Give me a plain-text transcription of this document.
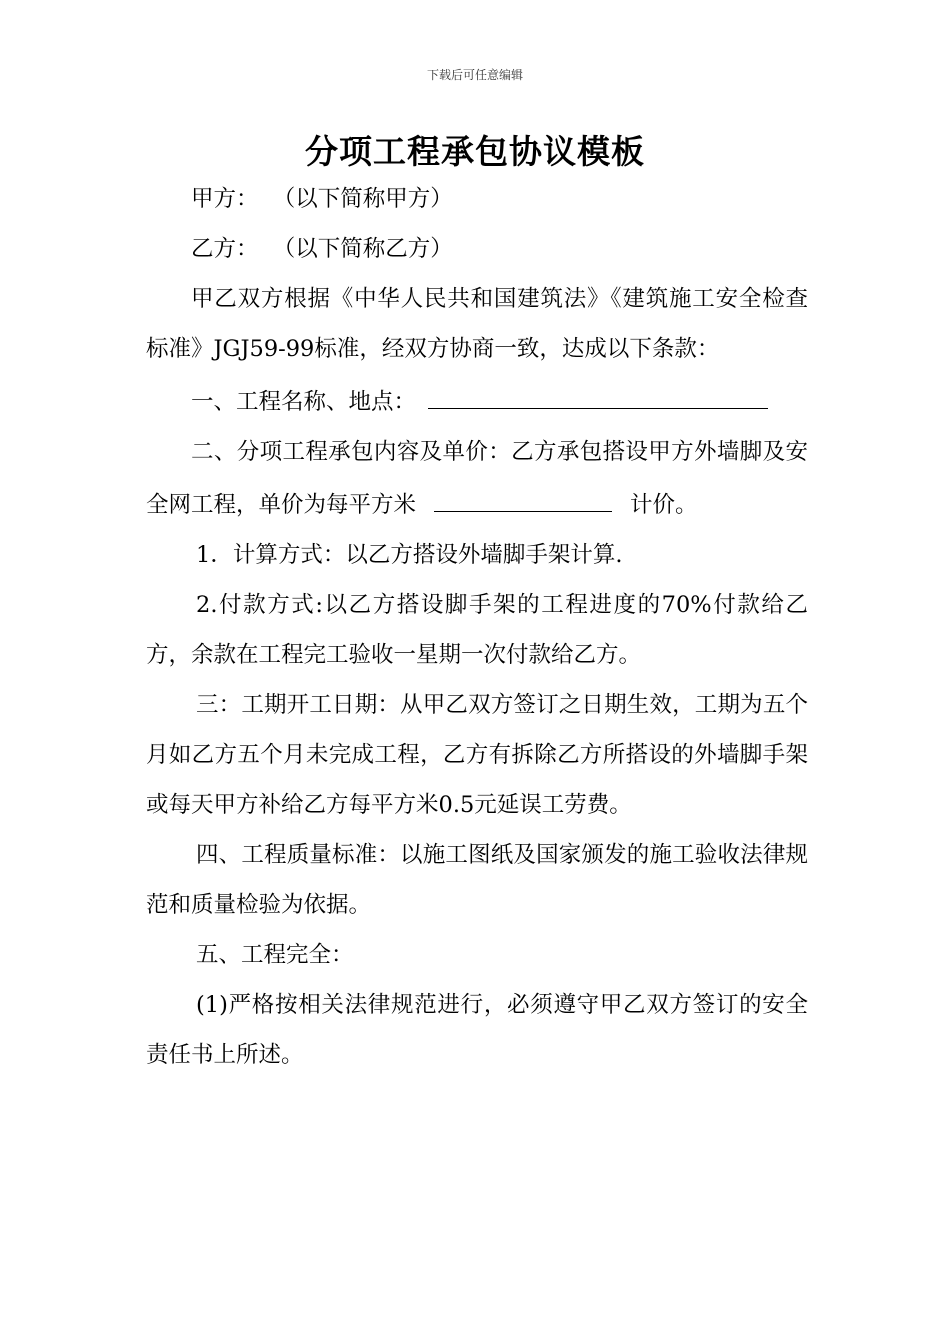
下载后可任意编辑
分项工程承包协议模板

甲方：  （以下简称甲方）

乙方：  （以下简称乙方）

甲乙双方根据《中华人民共和国建筑法》《建筑施工安全检查标准》JGJ59-99标准，经双方协商一致，达成以下条款：

一、工程名称、地点：

二、分项工程承包内容及单价：乙方承包搭设甲方外墙脚及安全网工程，单价为每平方米	计价。

1．计算方式：以乙方搭设外墙脚手架计算.

2.付款方式:以乙方搭设脚手架的工程进度的70%付款给乙方，余款在工程完工验收一星期一次付款给乙方。

三：工期开工日期：从甲乙双方签订之日期生效，工期为五个月如乙方五个月未完成工程，乙方有拆除乙方所搭设的外墙脚手架或每天甲方补给乙方每平方米0.5元延误工劳费。

四、工程质量标准：以施工图纸及国家颁发的施工验收法律规范和质量检验为依据。

五、工程完全：

(1)严格按相关法律规范进行，必须遵守甲乙双方签订的安全责任书上所述。
